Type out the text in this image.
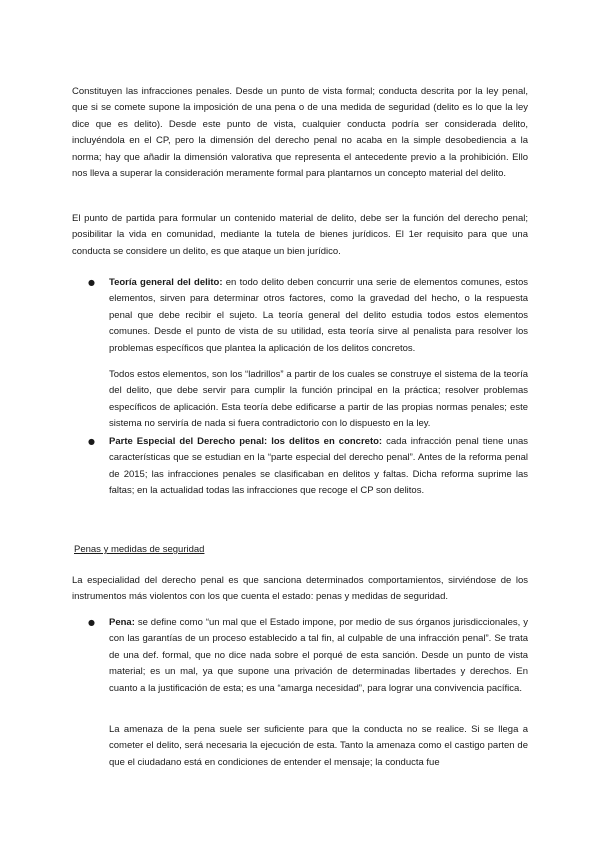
Constituyen las infracciones penales. Desde un punto de vista formal; conducta descrita por la ley penal, que si se comete supone la imposición de una pena o de una medida de seguridad (delito es lo que la ley dice que es delito). Desde este punto de vista, cualquier conducta podría ser considerada delito, incluyéndola en el CP, pero la dimensión del derecho penal no acaba en la simple desobediencia a la norma; hay que añadir la dimensión valorativa que representa el antecedente previo a la prohibición. Ello nos lleva a superar la consideración meramente formal para plantarnos un concepto material del delito.

El punto de partida para formular un contenido material de delito, debe ser la función del derecho penal; posibilitar la vida en comunidad, mediante la tutela de bienes jurídicos. El 1er requisito para que una conducta se considere un delito, es que ataque un bien jurídico.

● Teoría general del delito: en todo delito deben concurrir una serie de elementos comunes, estos elementos, sirven para determinar otros factores, como la gravedad del hecho, o la respuesta penal que debe recibir el sujeto. La teoría general del delito estudia todos estos elementos comunes. Desde el punto de vista de su utilidad, esta teoría sirve al penalista para resolver los problemas específicos que plantea la aplicación de los delitos concretos.

Todos estos elementos, son los “ladrillos” a partir de los cuales se construye el sistema de la teoría del delito, que debe servir para cumplir la función principal en la práctica; resolver problemas específicos de aplicación. Esta teoría debe edificarse a partir de las propias normas penales; este sistema no serviría de nada si fuera contradictorio con lo dispuesto en la ley.

● Parte Especial del Derecho penal: los delitos en concreto: cada infracción penal tiene unas características que se estudian en la “parte especial del derecho penal”. Antes de la reforma penal de 2015; las infracciones penales se clasificaban en delitos y faltas. Dicha reforma suprime las faltas; en la actualidad todas las infracciones que recoge el CP son delitos.

Penas y medidas de seguridad

La especialidad del derecho penal es que sanciona determinados comportamientos, sirviéndose de los instrumentos más violentos con los que cuenta el estado: penas y medidas de seguridad.

● Pena: se define como “un mal que el Estado impone, por medio de sus órganos jurisdiccionales, y con las garantías de un proceso establecido a tal fin, al culpable de una infracción penal”. Se trata de una def. formal, que no dice nada sobre el porqué de esta sanción. Desde un punto de vista material; es un mal, ya que supone una privación de determinadas libertades y derechos. En cuanto a la justificación de esta; es una “amarga necesidad”, para lograr una convivencia pacífica.

La amenaza de la pena suele ser suficiente para que la conducta no se realice. Si se llega a cometer el delito, será necesaria la ejecución de esta. Tanto la amenaza como el castigo parten de que el ciudadano está en condiciones de entender el mensaje; la conducta fue
